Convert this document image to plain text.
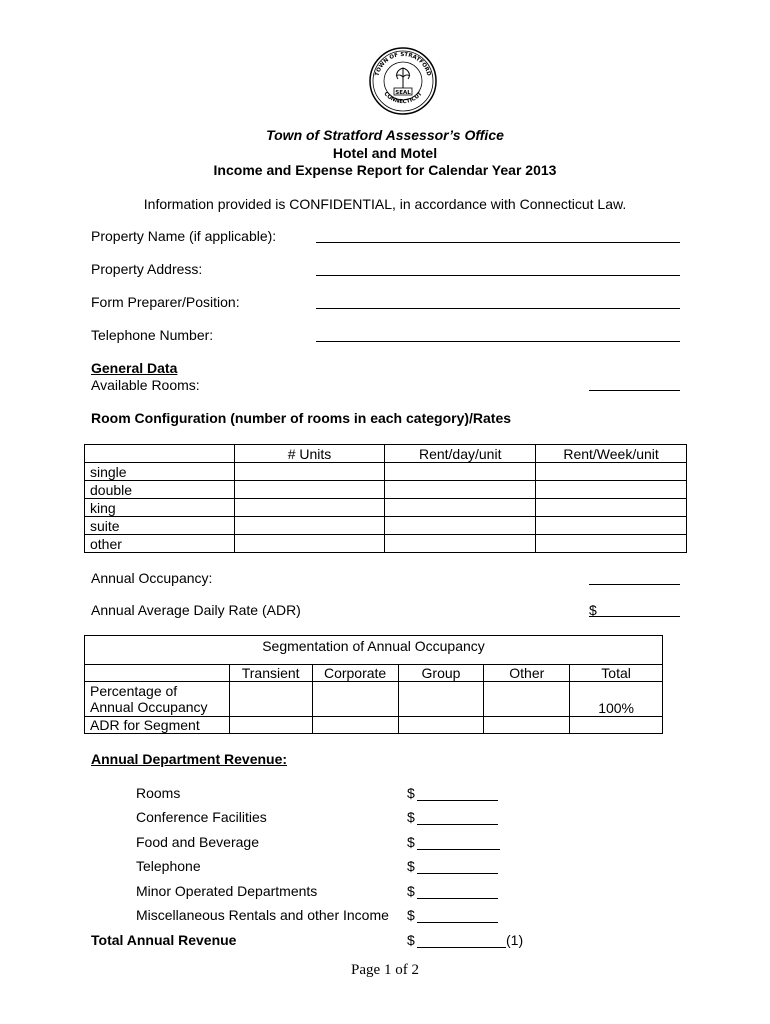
SEAL
TOWN OF STRATFORD
CONNECTICUT
Town of Stratford Assessor’s Office
Hotel and Motel
Income and Expense Report for Calendar Year 2013
Information provided is CONFIDENTIAL, in accordance with Connecticut Law.
Property Name (if applicable):
Property Address:
Form Preparer/Position:
Telephone Number:
General Data
Available Rooms:
Room Configuration (number of rooms in each category)/Rates
	# Units	Rent/day/unit	Rent/Week/unit
single			
double			
king			
suite			
other			
Annual Occupancy:
Annual Average Daily Rate (ADR)	$
Segmentation of Annual Occupancy					
	Transient	Corporate	Group	Other	Total
Percentage of
Annual Occupancy					100%
ADR for Segment					
Annual Department Revenue:
Rooms	$
Conference Facilities	$
Food and Beverage	$
Telephone	$
Minor Operated Departments	$
Miscellaneous Rentals and other Income $
Total Annual Revenue	$	(1)
Page 1 of 2
